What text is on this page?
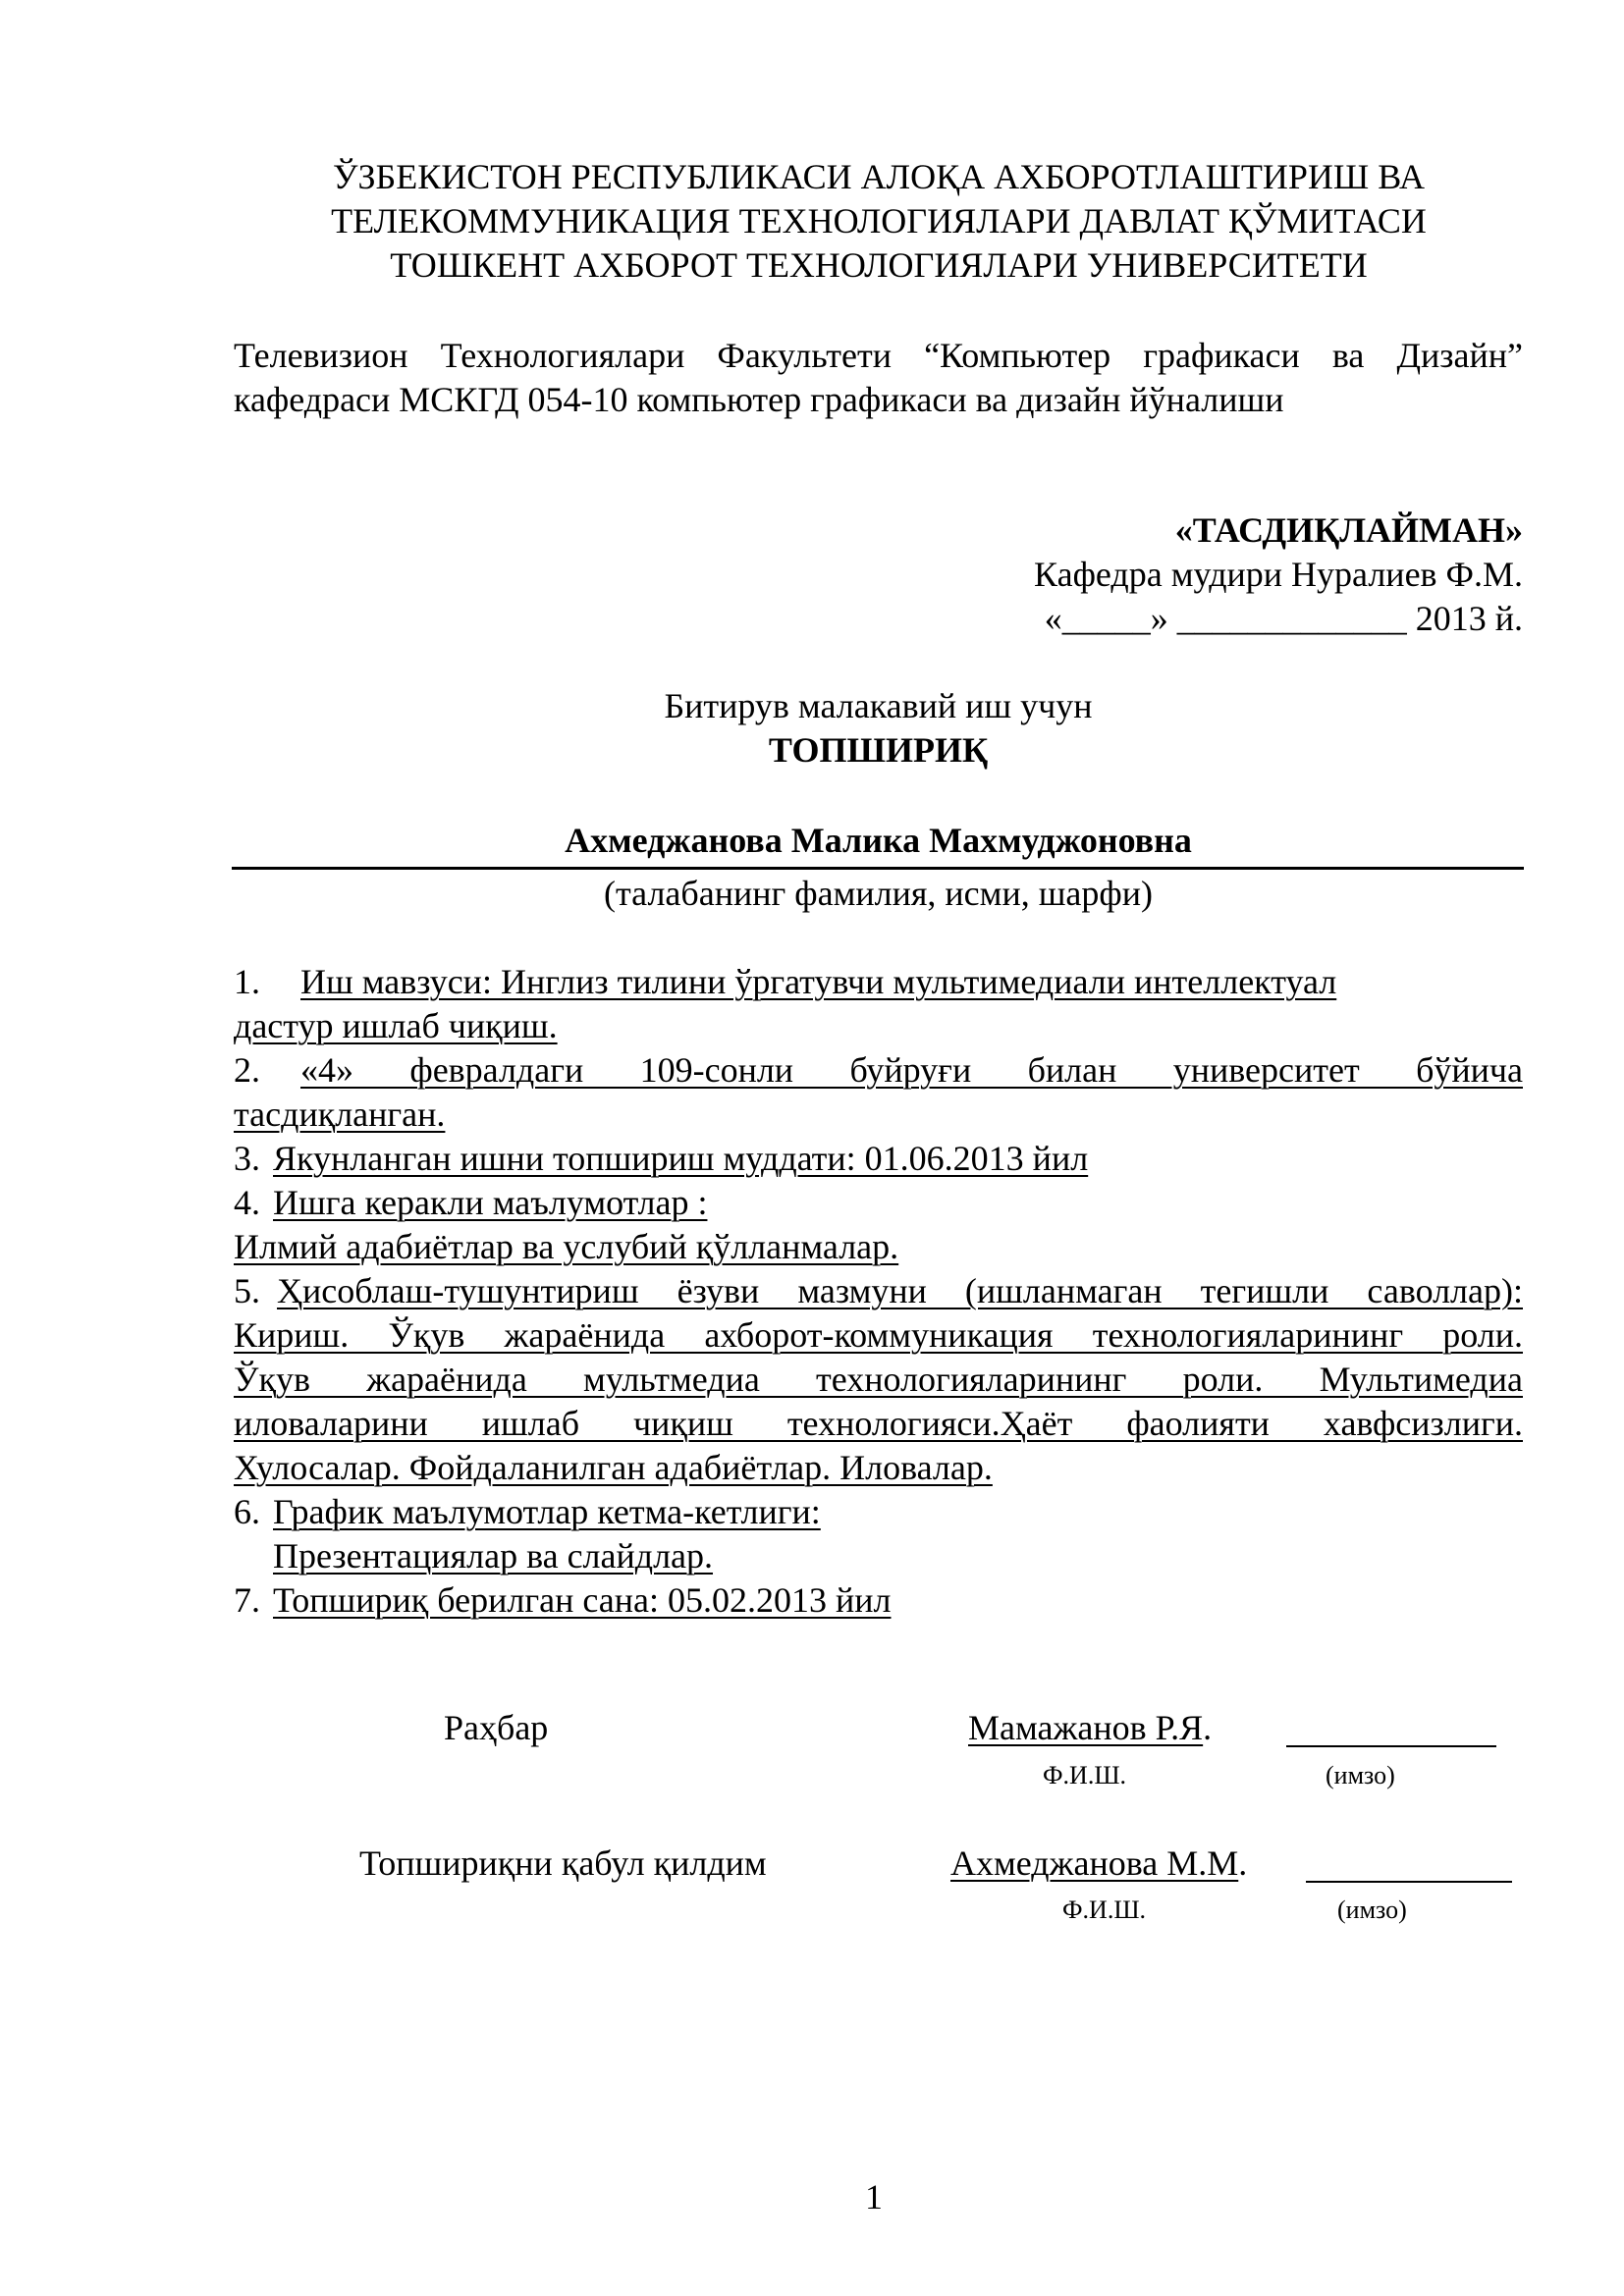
ЎЗБЕКИСТОН РЕСПУБЛИКАСИ АЛОҚА АХБОРОТЛАШТИРИШ ВА
ТЕЛЕКОММУНИКАЦИЯ ТЕХНОЛОГИЯЛАРИ ДАВЛАТ ҚЎМИТАСИ
ТОШКЕНТ АХБОРОТ ТЕХНОЛОГИЯЛАРИ УНИВЕРСИТЕТИ
Телевизион Технологиялари Факультети “Компьютер графикаси ва Дизайн”
кафедраси МСКГД 054-10 компьютер графикаси ва дизайн йўналиши
«ТАСДИҚЛАЙМАН»
Кафедра мудири Нуралиев Ф.М.
«_____» _____________ 2013 й.
Битирув малакавий иш учун
ТОПШИРИҚ
Ахмеджанова Малика Махмуджоновна
(талабанинг фамилия, исми, шарфи)
1. Иш мавзуси: Инглиз тилини ўргатувчи мультимедиали интеллектуал
дастур ишлаб чиқиш.
2. «4» февралдаги 109-сонли буйруғи билан университет бўйича
тасдиқланган.
3. Якунланган ишни топшириш муддати: 01.06.2013 йил
4. Ишга керакли маълумотлар :
Илмий адабиётлар ва услубий қўлланмалар.
5. Ҳисоблаш-тушунтириш ёзуви мазмуни (ишланмаган тегишли саволлар):
Кириш. Ўқув жараёнида ахборот-коммуникация технологияларининг роли.
Ўқув жараёнида мультмедиа технологияларининг роли. Мультимедиа
иловаларини ишлаб чиқиш технологияси.Ҳаёт фаолияти хавфсизлиги.
Хулосалар. Фойдаланилган адабиётлар. Иловалар.
6. График маълумотлар кетма-кетлиги:
Презентациялар ва слайдлар.
7. Топшириқ берилган сана: 05.02.2013 йил
Раҳбар	Мамажанов Р.Я.
Ф.И.Ш.	(имзо)
Топшириқни қабул қилдим	Ахмеджанова М.М.
Ф.И.Ш.	(имзо)
1
